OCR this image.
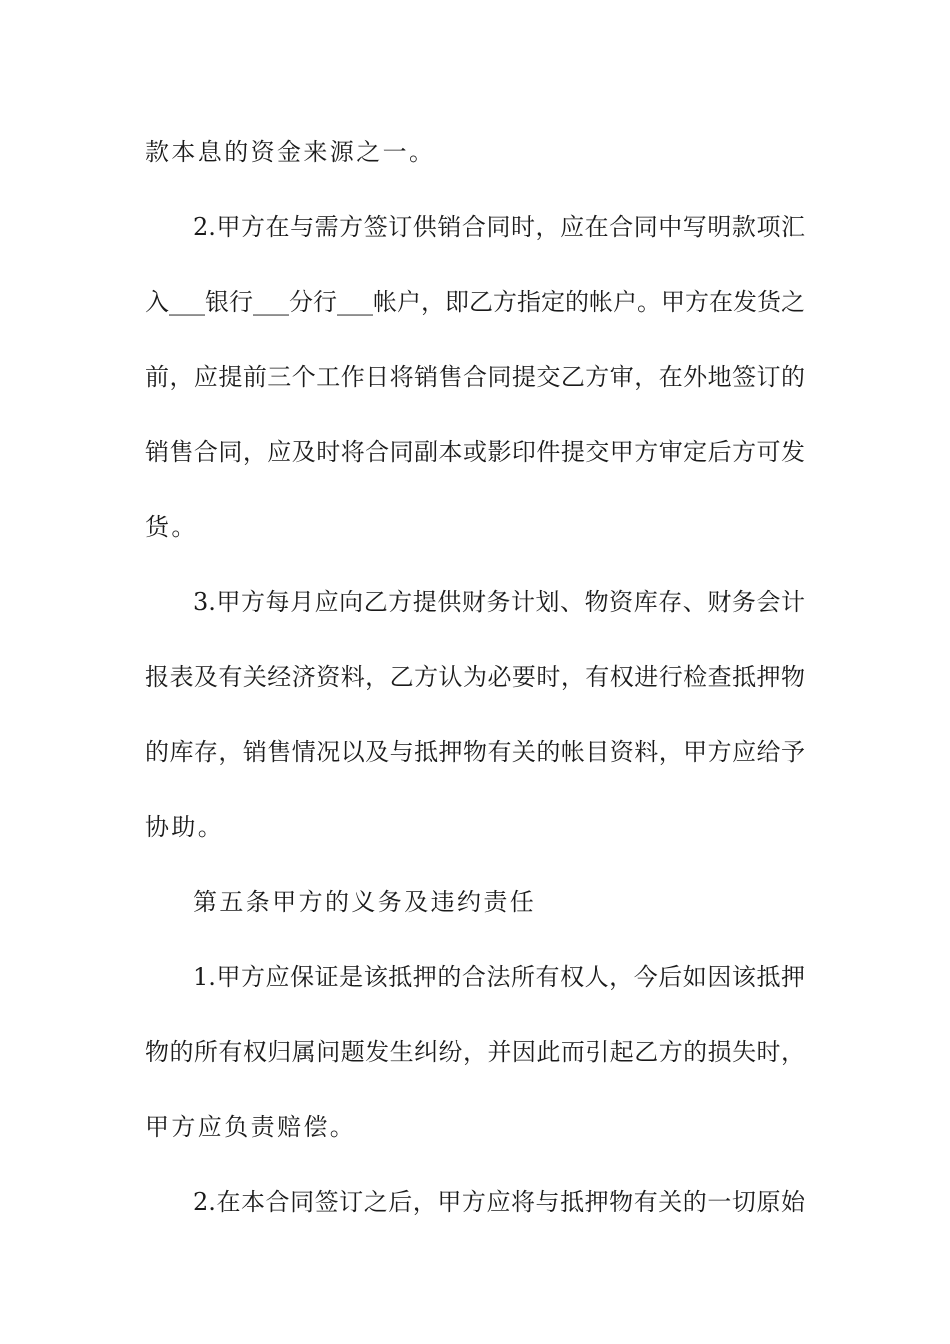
款本息的资金来源之一。
2.甲方在与需方签订供销合同时，应在合同中写明款项汇
入___银行___分行___帐户，即乙方指定的帐户。甲方在发货之
前，应提前三个工作日将销售合同提交乙方审，在外地签订的
销售合同，应及时将合同副本或影印件提交甲方审定后方可发
货。
3.甲方每月应向乙方提供财务计划、物资库存、财务会计
报表及有关经济资料，乙方认为必要时，有权进行检查抵押物
的库存，销售情况以及与抵押物有关的帐目资料，甲方应给予
协助。
第五条甲方的义务及违约责任
1.甲方应保证是该抵押的合法所有权人，今后如因该抵押
物的所有权归属问题发生纠纷，并因此而引起乙方的损失时，
甲方应负责赔偿。
2.在本合同签订之后，甲方应将与抵押物有关的一切原始
